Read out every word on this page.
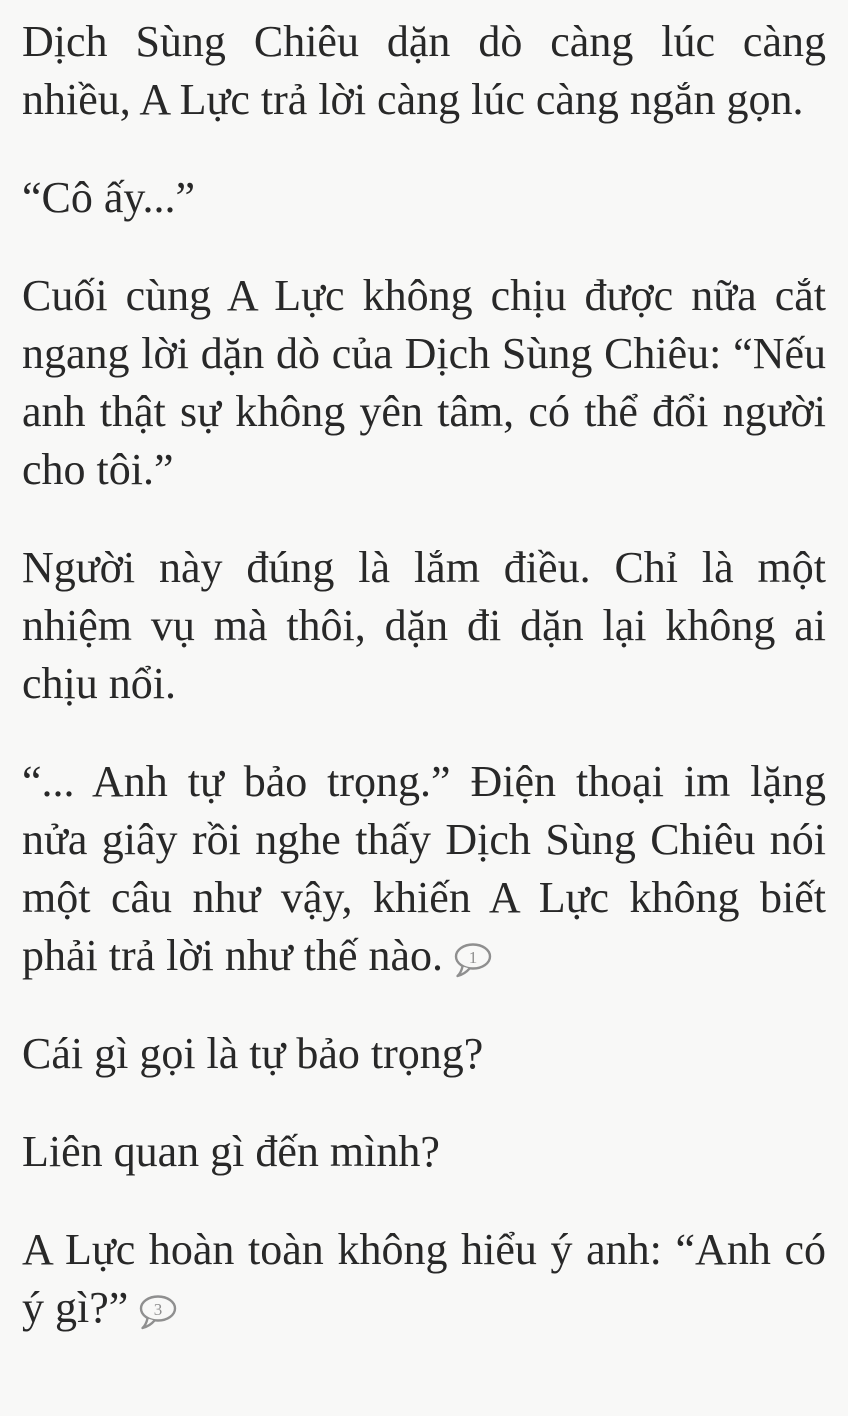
Dịch Sùng Chiêu dặn dò càng lúc càng nhiều, A Lực trả lời càng lúc càng ngắn gọn.

“Cô ấy...”

Cuối cùng A Lực không chịu được nữa cắt ngang lời dặn dò của Dịch Sùng Chiêu: “Nếu anh thật sự không yên tâm, có thể đổi người cho tôi.”

Người này đúng là lắm điều. Chỉ là một nhiệm vụ mà thôi, dặn đi dặn lại không ai chịu nổi.

“... Anh tự bảo trọng.” Điện thoại im lặng nửa giây rồi nghe thấy Dịch Sùng Chiêu nói một câu như vậy, khiến A Lực không biết phải trả lời như thế nào. 1

Cái gì gọi là tự bảo trọng?

Liên quan gì đến mình?

A Lực hoàn toàn không hiểu ý anh: “Anh có ý gì?” 3
